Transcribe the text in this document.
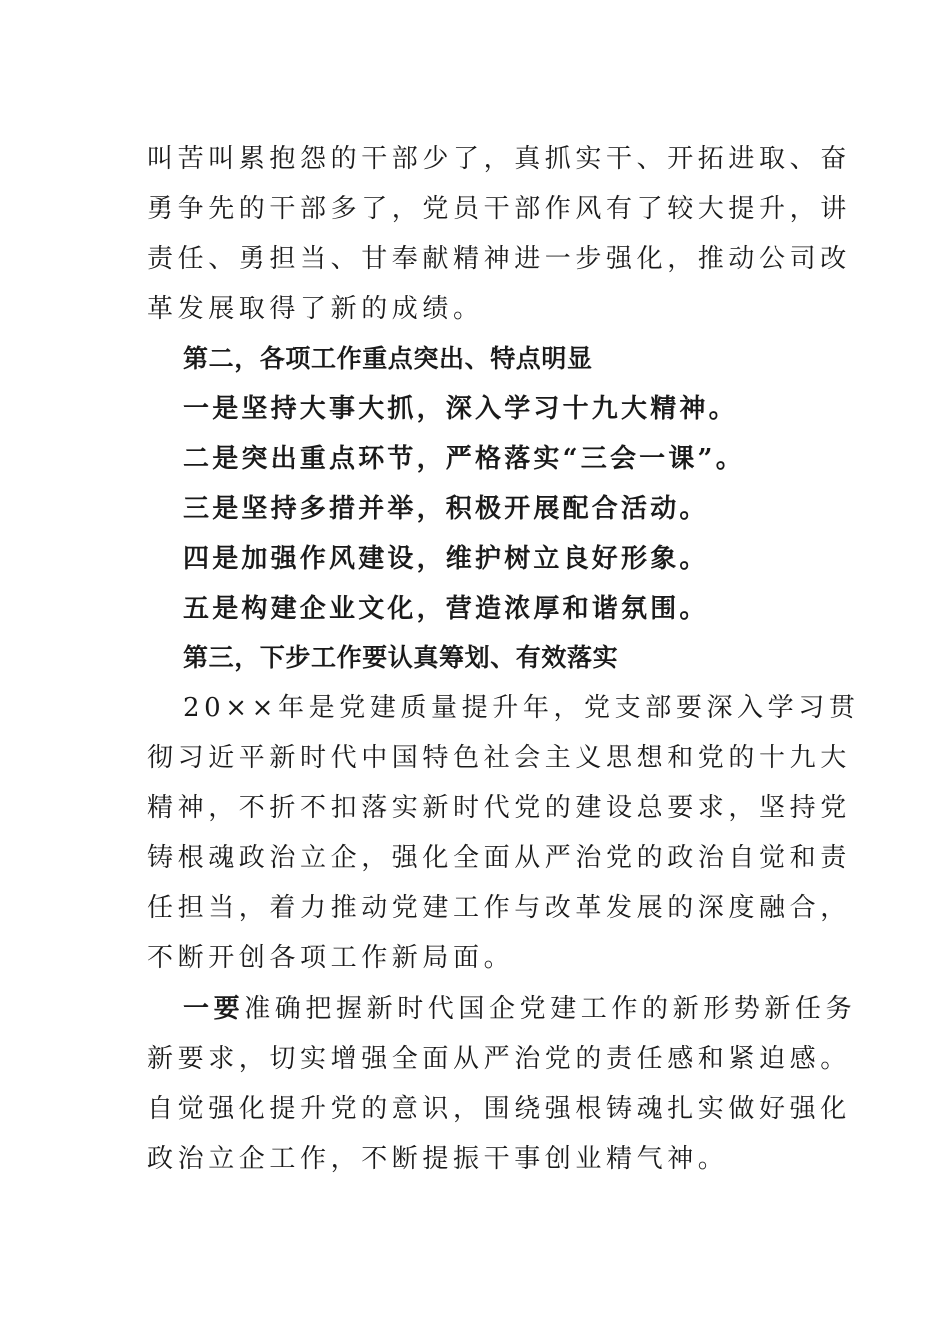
叫苦叫累抱怨的干部少了，真抓实干、开拓进取、奋
勇争先的干部多了，党员干部作风有了较大提升，讲
责任、勇担当、甘奉献精神进一步强化，推动公司改
革发展取得了新的成绩。
第二，各项工作重点突出、特点明显
一是坚持大事大抓，深入学习十九大精神。
二是突出重点环节，严格落实“三会一课”。
三是坚持多措并举，积极开展配合活动。
四是加强作风建设，维护树立良好形象。
五是构建企业文化，营造浓厚和谐氛围。
第三，下步工作要认真筹划、有效落实
20××年是党建质量提升年，党支部要深入学习贯
彻习近平新时代中国特色社会主义思想和党的十九大
精神，不折不扣落实新时代党的建设总要求，坚持党
铸根魂政治立企，强化全面从严治党的政治自觉和责
任担当，着力推动党建工作与改革发展的深度融合，
不断开创各项工作新局面。
一要准确把握新时代国企党建工作的新形势新任务
新要求，切实增强全面从严治党的责任感和紧迫感。
自觉强化提升党的意识，围绕强根铸魂扎实做好强化
政治立企工作，不断提振干事创业精气神。
